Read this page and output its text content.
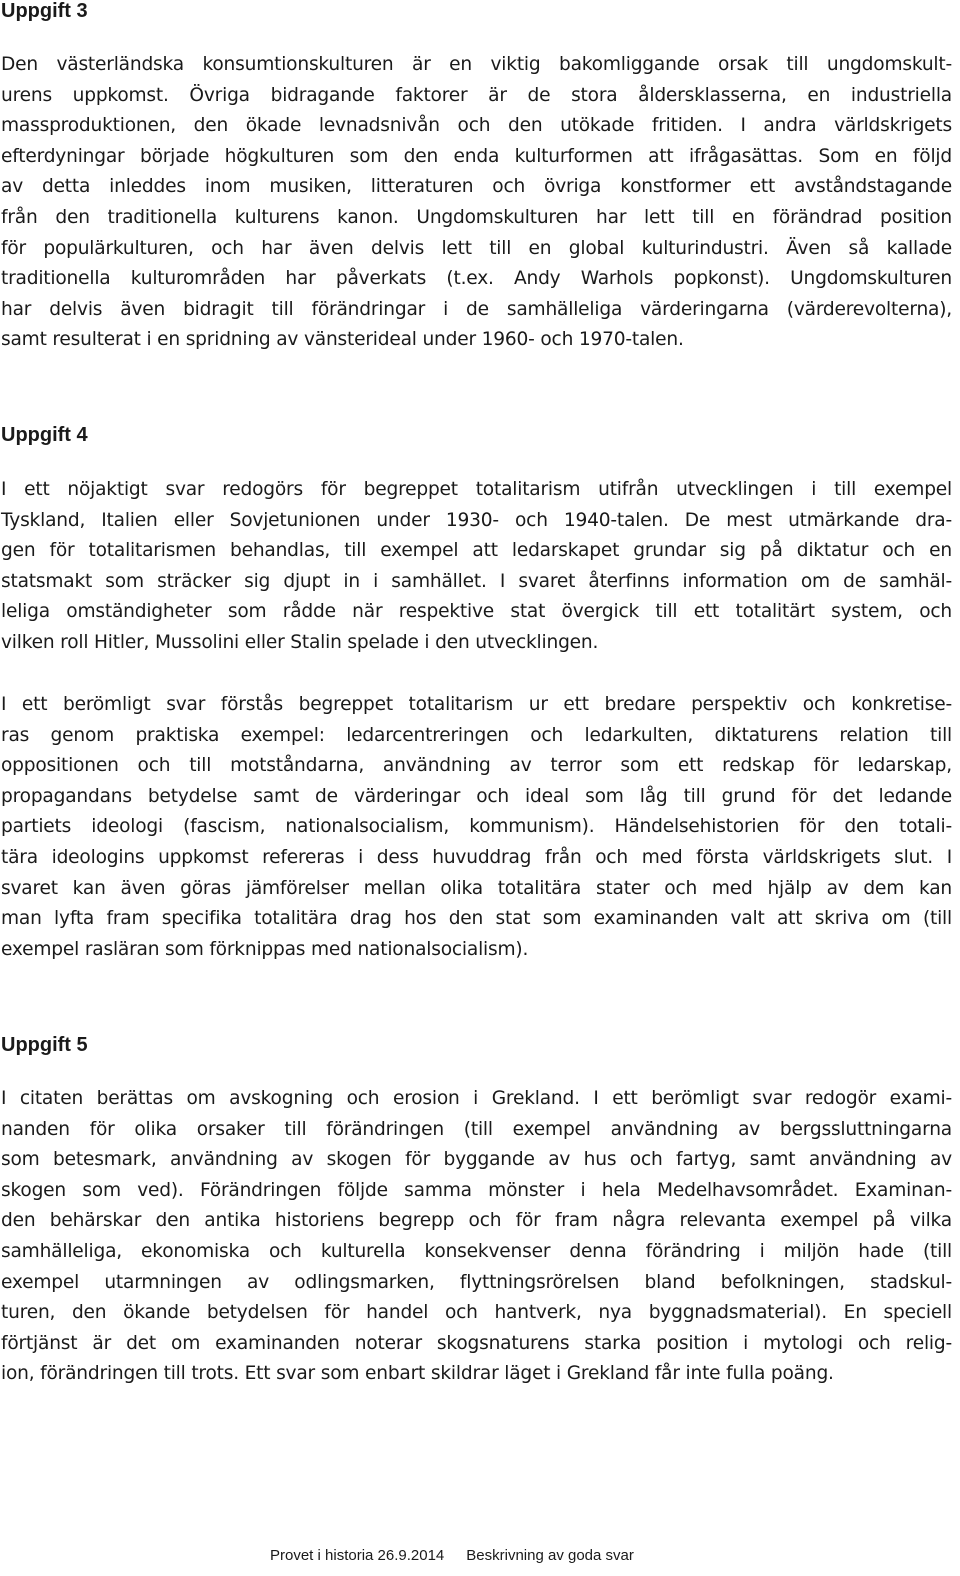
Uppgift 3
Den västerländska konsumtionskulturen är en viktig bakomliggande orsak till ungdomskult-
urens uppkomst. Övriga bidragande faktorer är de stora åldersklasserna, en industriella
massproduktionen, den ökade levnadsnivån och den utökade fritiden. I andra världskrigets
efterdyningar började högkulturen som den enda kulturformen att ifrågasättas. Som en följd
av detta inleddes inom musiken, litteraturen och övriga konstformer ett avståndstagande
från den traditionella kulturens kanon. Ungdomskulturen har lett till en förändrad position
för populärkulturen, och har även delvis lett till en global kulturindustri. Även så kallade
traditionella kulturområden har påverkats (t.ex. Andy Warhols popkonst). Ungdomskulturen
har delvis även bidragit till förändringar i de samhälleliga värderingarna (värderevolterna),
samt resulterat i en spridning av vänsterideal under 1960- och 1970-talen.
Uppgift 4
I ett nöjaktigt svar redogörs för begreppet totalitarism utifrån utvecklingen i till exempel
Tyskland, Italien eller Sovjetunionen under 1930- och 1940-talen. De mest utmärkande dra-
gen för totalitarismen behandlas, till exempel att ledarskapet grundar sig på diktatur och en
statsmakt som sträcker sig djupt in i samhället. I svaret återfinns information om de samhäl-
leliga omständigheter som rådde när respektive stat övergick till ett totalitärt system, och
vilken roll Hitler, Mussolini eller Stalin spelade i den utvecklingen.
I ett berömligt svar förstås begreppet totalitarism ur ett bredare perspektiv och konkretise-
ras genom praktiska exempel: ledarcentreringen och ledarkulten, diktaturens relation till
oppositionen och till motståndarna, användning av terror som ett redskap för ledarskap,
propagandans betydelse samt de värderingar och ideal som låg till grund för det ledande
partiets ideologi (fascism, nationalsocialism, kommunism). Händelsehistorien för den totali-
tära ideologins uppkomst refereras i dess huvuddrag från och med första världskrigets slut. I
svaret kan även göras jämförelser mellan olika totalitära stater och med hjälp av dem kan
man lyfta fram specifika totalitära drag hos den stat som examinanden valt att skriva om (till
exempel rasläran som förknippas med nationalsocialism).
Uppgift 5
I citaten berättas om avskogning och erosion i Grekland. I ett berömligt svar redogör exami-
nanden för olika orsaker till förändringen (till exempel användning av bergssluttningarna
som betesmark, användning av skogen för byggande av hus och fartyg, samt användning av
skogen som ved). Förändringen följde samma mönster i hela Medelhavsområdet. Examinan-
den behärskar den antika historiens begrepp och för fram några relevanta exempel på vilka
samhälleliga, ekonomiska och kulturella konsekvenser denna förändring i miljön hade (till
exempel utarmningen av odlingsmarken, flyttningsrörelsen bland befolkningen, stadskul-
turen, den ökande betydelsen för handel och hantverk, nya byggnadsmaterial). En speciell
förtjänst är det om examinanden noterar skogsnaturens starka position i mytologi och relig-
ion, förändringen till trots. Ett svar som enbart skildrar läget i Grekland får inte fulla poäng.
Provet i historia 26.9.2014 Beskrivning av goda svar
